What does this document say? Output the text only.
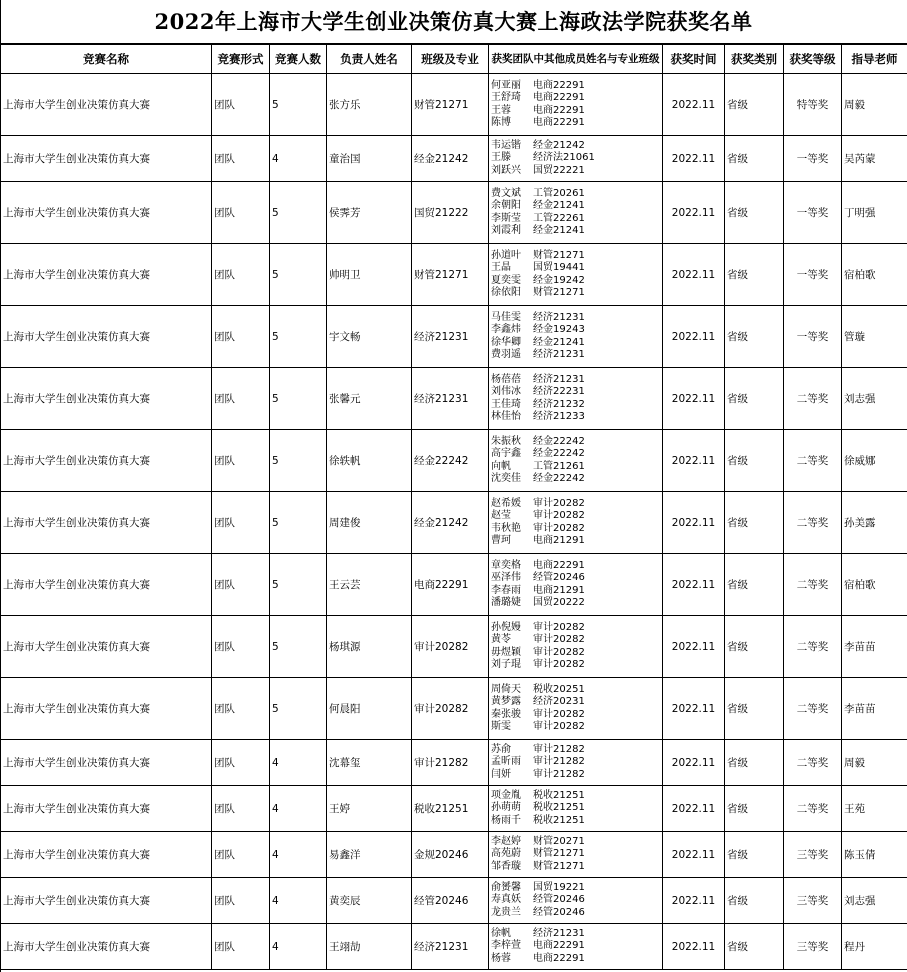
2022年上海市大学生创业决策仿真大赛上海政法学院获奖名单
竞赛名称	竞赛形式	竞赛人数	负责人姓名	班级及专业	获奖团队中其他成员姓名与专业班级	获奖时间	获奖类别	获奖等级	指导老师
上海市大学生创业决策仿真大赛	团队	5	张方乐	财管21271	何亚丽 电商22291
王舒琦 电商22291
王蓉 电商22291
陈博 电商22291	2022.11	省级	特等奖	周毅
上海市大学生创业决策仿真大赛	团队	4	童治国	经金21242	韦运锴 经金21242
王滕 经济法21061
刘跃兴 国贸22221	2022.11	省级	一等奖	吴芮蒙
上海市大学生创业决策仿真大赛	团队	5	侯霁芳	国贸21222	费文斌 工管20261
余朝阳 经金21241
李斯莹 工管22261
刘霞利 经金21241	2022.11	省级	一等奖	丁明强
上海市大学生创业决策仿真大赛	团队	5	帅明卫	财管21271	孙道叶 财管21271
王晶 国贸19441
夏奕雯 经金19242
徐依阳 财管21271	2022.11	省级	一等奖	宿柏歌
上海市大学生创业决策仿真大赛	团队	5	宇文畅	经济21231	马佳雯 经济21231
李鑫炜 经金19243
徐华卿 经金21241
费羽遥 经济21231	2022.11	省级	一等奖	管璇
上海市大学生创业决策仿真大赛	团队	5	张馨元	经济21231	杨蓓蓓 经济21231
刘伟冰 经济22231
王佳琦 经济21232
林佳怡 经济21233	2022.11	省级	二等奖	刘志强
上海市大学生创业决策仿真大赛	团队	5	徐轶帆	经金22242	朱振秋 经金22242
高宇鑫 经金22242
向帆 工管21261
沈奕佳 经金22242	2022.11	省级	二等奖	徐威娜
上海市大学生创业决策仿真大赛	团队	5	周建俊	经金21242	赵希媛 审计20282
赵莹 审计20282
韦秋艳 审计20282
曹珂 电商21291	2022.11	省级	二等奖	孙美露
上海市大学生创业决策仿真大赛	团队	5	王云芸	电商22291	章奕格 电商22291
巫泽伟 经管20246
李春雨 电商21291
潘璐婕 国贸20222	2022.11	省级	二等奖	宿柏歌
上海市大学生创业决策仿真大赛	团队	5	杨琪源	审计20282	孙倪嫚 审计20282
黄苓 审计20282
毋煜颖 审计20282
刘子琨 审计20282	2022.11	省级	二等奖	李苗苗
上海市大学生创业决策仿真大赛	团队	5	何晨阳	审计20282	周倚天 税收20251
黄梦露 经济20231
秦张骏 审计20282
斯雯 审计20282	2022.11	省级	二等奖	李苗苗
上海市大学生创业决策仿真大赛	团队	4	沈幕玺	审计21282	苏俞 审计21282
孟昕雨 审计21282
闫妍 审计21282	2022.11	省级	二等奖	周毅
上海市大学生创业决策仿真大赛	团队	4	王婷	税收21251	项金胤 税收21251
孙萌萌 税收21251
杨雨千 税收21251	2022.11	省级	二等奖	王苑
上海市大学生创业决策仿真大赛	团队	4	易鑫洋	金规20246	李赵婷 财管20271
高苑蔚 财管21271
邹香璇 财管21271	2022.11	省级	三等奖	陈玉倩
上海市大学生创业决策仿真大赛	团队	4	黄奕辰	经管20246	俞赟馨 国贸19221
寿真妖 经管20246
龙贵兰 经管20246	2022.11	省级	三等奖	刘志强
上海市大学生创业决策仿真大赛	团队	4	王翊劼	经济21231	徐帆 经济21231
李梓萱 电商22291
杨蓉 电商22291	2022.11	省级	三等奖	程丹
